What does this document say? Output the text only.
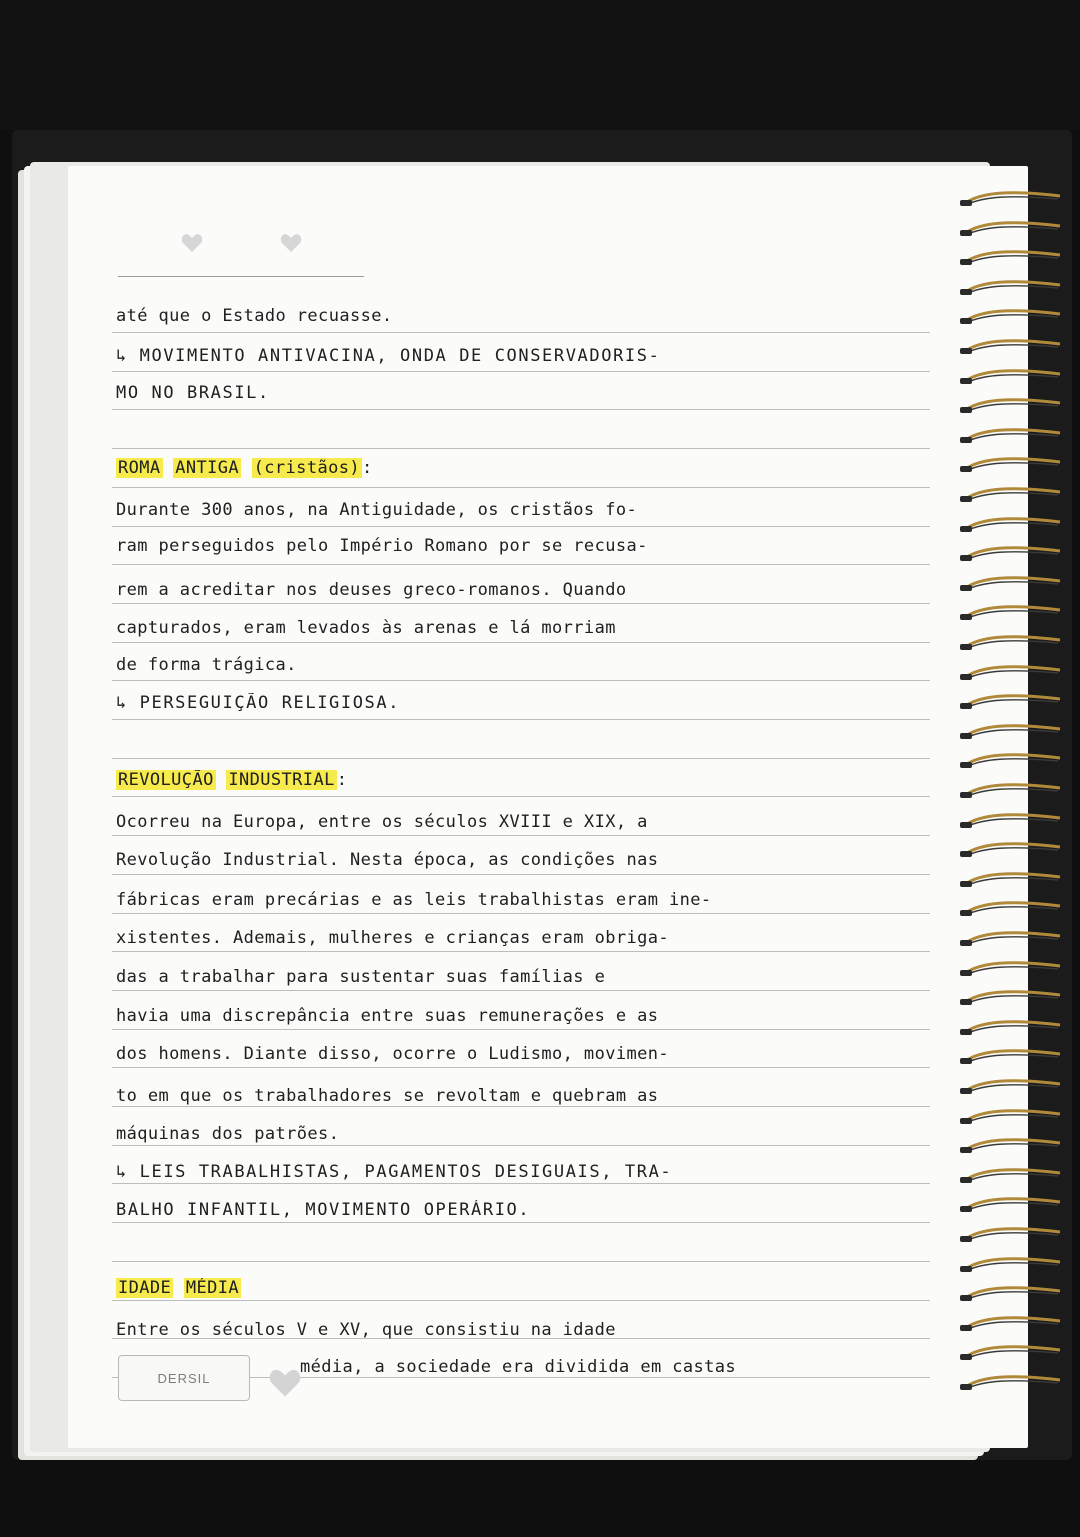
até que o Estado recuasse.
↳ MOVIMENTO ANTIVACINA, ONDA DE CONSERVADORIS-
MO NO BRASIL.
ROMA ANTIGA (cristãos) :
Durante 300 anos, na Antiguidade, os cristãos fo-
ram perseguidos pelo Império Romano por se recusa-
rem a acreditar nos deuses greco-romanos. Quando
capturados, eram levados às arenas e lá morriam
de forma trágica.
↳ PERSEGUIÇÃO RELIGIOSA.
REVOLUÇÃO INDUSTRIAL :
Ocorreu na Europa, entre os séculos XVIII e XIX, a
Revolução Industrial. Nesta época, as condições nas
fábricas eram precárias e as leis trabalhistas eram ine-
xistentes. Ademais, mulheres e crianças eram obriga-
das a trabalhar para sustentar suas famílias e
havia uma discrepância entre suas remunerações e as
dos homens. Diante disso, ocorre o Ludismo, movimen-
to em que os trabalhadores se revoltam e quebram as
máquinas dos patrões.
↳ LEIS TRABALHISTAS, PAGAMENTOS DESIGUAIS, TRA-
BALHO INFANTIL, MOVIMENTO OPERÁRIO.
IDADE MÉDIA
Entre os séculos V e XV, que consistiu na idade
média, a sociedade era dividida em castas
DERSIL
